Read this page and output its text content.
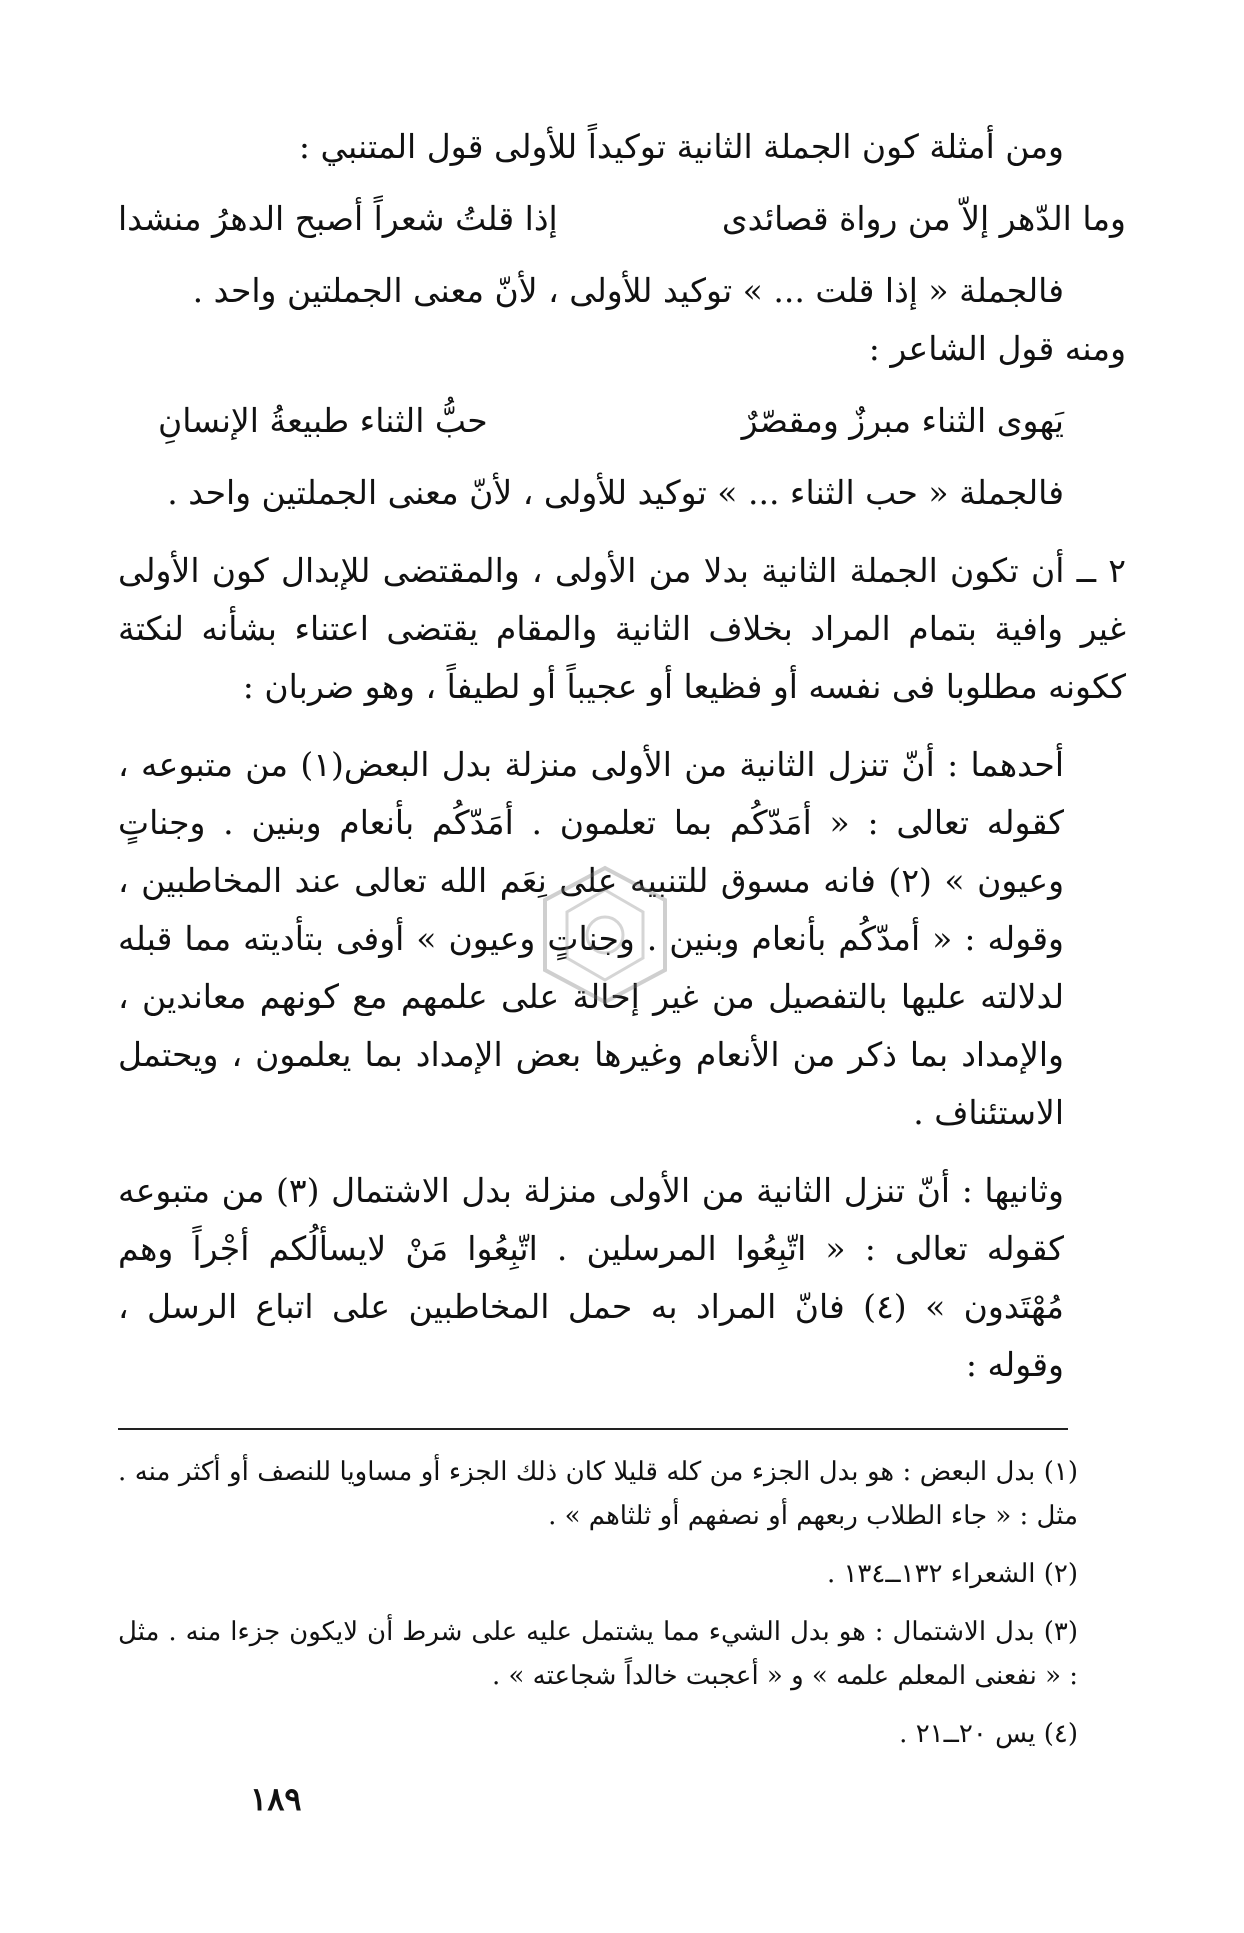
ومن أمثلة كون الجملة الثانية توكيداً للأولى قول المتنبي :

وما الدّهر إلاّ من رواة قصائدى
إذا قلتُ شعراً أصبح الدهرُ منشدا

فالجملة « إذا قلت ... » توكيد للأولى ، لأنّ معنى الجملتين واحد .

ومنه قول الشاعر :

يَهوى الثناء مبرزٌ ومقصّرٌ
حبُّ الثناء طبيعةُ الإنسانِ

فالجملة « حب الثناء ... » توكيد للأولى ، لأنّ معنى الجملتين واحد .

٢ ــ أن تكون الجملة الثانية بدلا من الأولى ، والمقتضى للإبدال كون الأولى غير وافية بتمام المراد بخلاف الثانية والمقام يقتضى اعتناء بشأنه لنكتة ككونه مطلوبا فى نفسه أو فظيعا أو عجيباً أو لطيفاً ، وهو ضربان :

أحدهما : أنّ تنزل الثانية من الأولى منزلة بدل البعض(١) من متبوعه ، كقوله تعالى : « أمَدّكُم بما تعلمون . أمَدّكُم بأنعام وبنين . وجناتٍ وعيون » (٢) فانه مسوق للتنبيه على نِعَم الله تعالى عند المخاطبين ، وقوله : « أمدّكُم بأنعام وبنين . وجناتٍ وعيون » أوفى بتأديته مما قبله لدلالته عليها بالتفصيل من غير إحالة على علمهم مع كونهم معاندين ، والإمداد بما ذكر من الأنعام وغيرها بعض الإمداد بما يعلمون ، ويحتمل الاستئناف .

وثانيها : أنّ تنزل الثانية من الأولى منزلة بدل الاشتمال (٣) من متبوعه كقوله تعالى : « اتّبِعُوا المرسلين . اتّبِعُوا مَنْ لايسألُكم أجْراً وهم مُهْتَدون » (٤) فانّ المراد به حمل المخاطبين على اتباع الرسل ، وقوله :

(١) بدل البعض : هو بدل الجزء من كله قليلا كان ذلك الجزء أو مساويا للنصف أو أكثر منه . مثل : « جاء الطلاب ربعهم أو نصفهم أو ثلثاهم » .

(٢) الشعراء ١٣٢ــ١٣٤ .

(٣) بدل الاشتمال : هو بدل الشيء مما يشتمل عليه على شرط أن لايكون جزءا منه . مثل : « نفعنى المعلم علمه » و « أعجبت خالداً شجاعته » .

(٤) يس ٢٠ــ٢١ .

١٨٩
